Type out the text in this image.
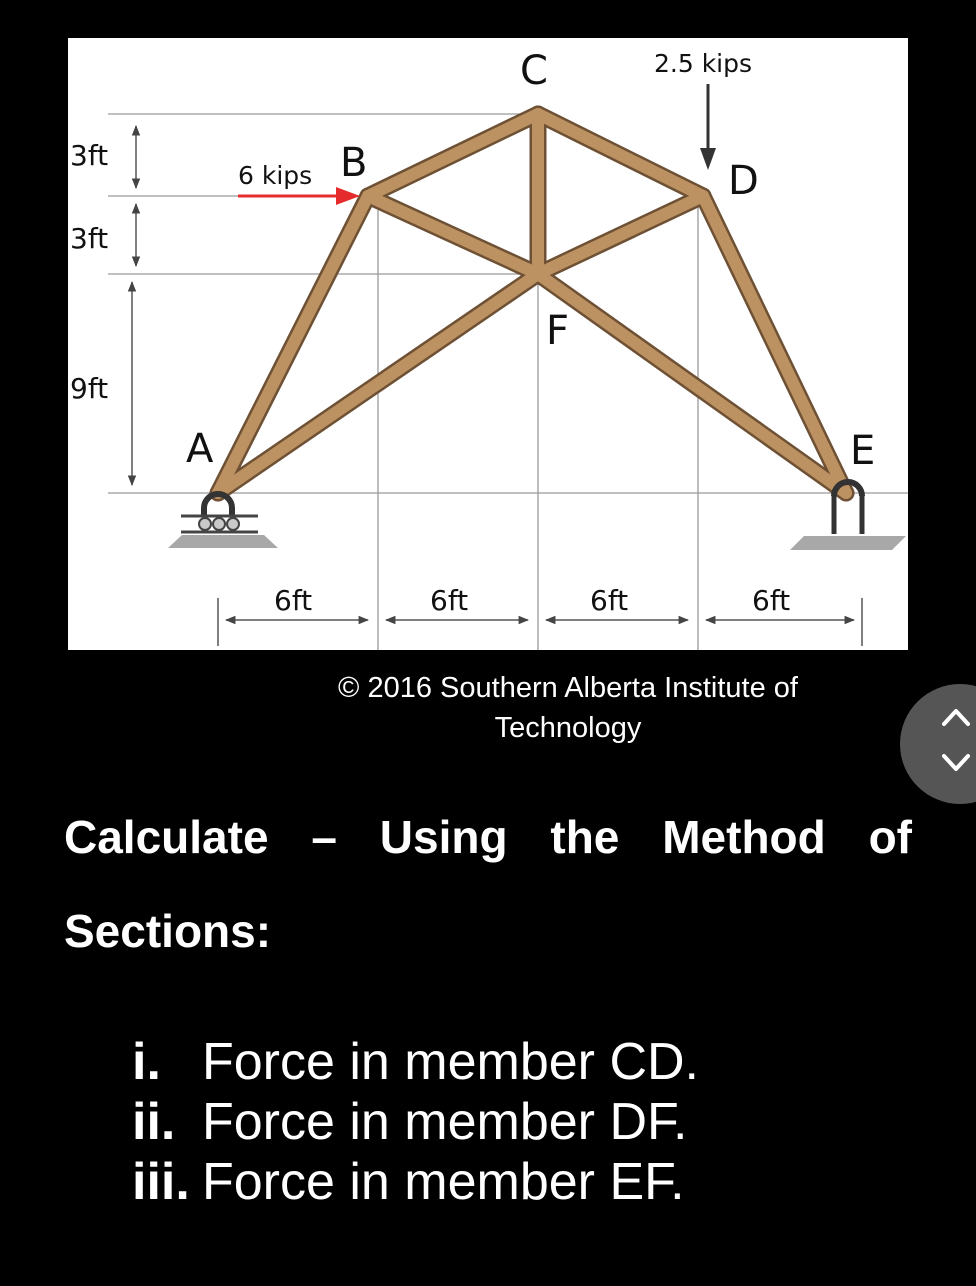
3ft
3ft
9ft
C
B	D
F
A	E
6 kips
2.5 kips
6ft	6ft	6ft	6ft
© 2016 Southern Alberta Institute of Technology

Calculate – Using the Method of Sections:

i. Force in member CD.
ii. Force in member DF.
iii. Force in member EF.
